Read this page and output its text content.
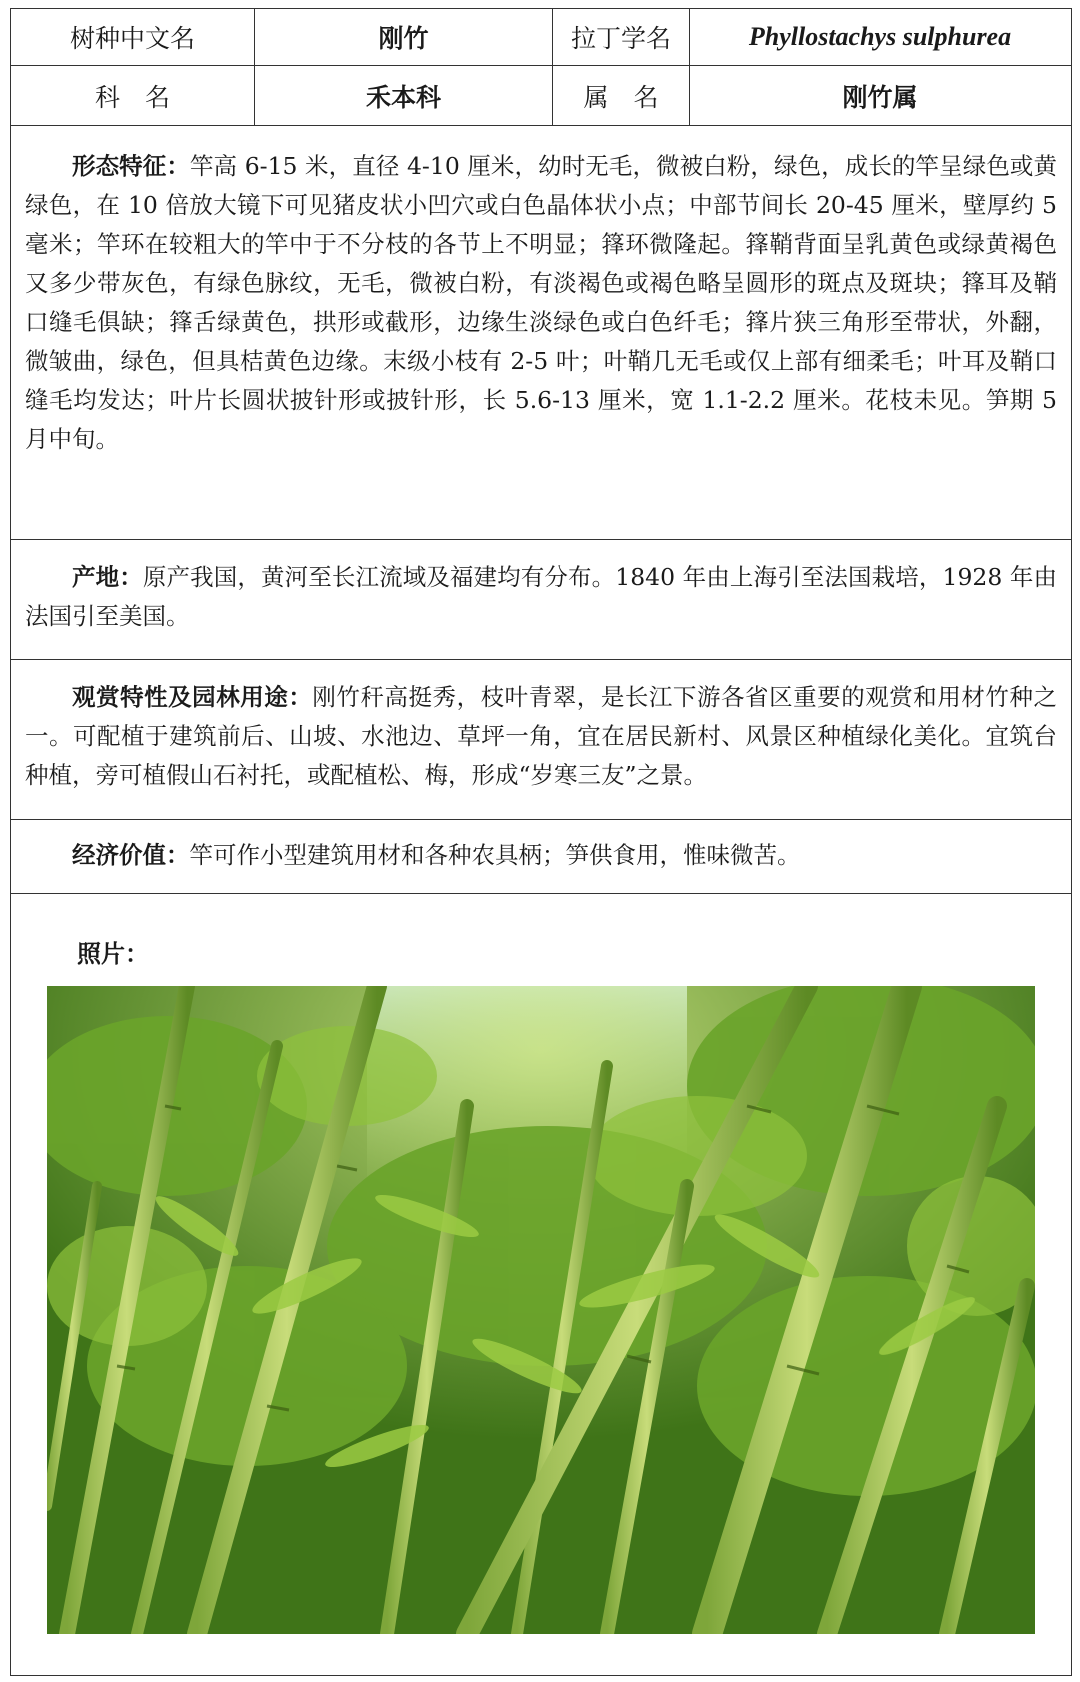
树种中文名	刚竹	拉丁学名	Phyllostachys sulphurea
科　名	禾本科	属　名	刚竹属
形态特征：竿高 6-15 米，直径 4-10 厘米，幼时无毛，微被白粉，绿色，成长的竿呈绿色或黄绿色，在 10 倍放大镜下可见猪皮状小凹穴或白色晶体状小点；中部节间长 20-45 厘米，壁厚约 5 毫米；竿环在较粗大的竿中于不分枝的各节上不明显；箨环微隆起。箨鞘背面呈乳黄色或绿黄褐色又多少带灰色，有绿色脉纹，无毛，微被白粉，有淡褐色或褐色略呈圆形的斑点及斑块；箨耳及鞘口缝毛俱缺；箨舌绿黄色，拱形或截形，边缘生淡绿色或白色纤毛；箨片狭三角形至带状，外翻，微皱曲，绿色，但具桔黄色边缘。末级小枝有 2-5 叶；叶鞘几无毛或仅上部有细柔毛；叶耳及鞘口缝毛均发达；叶片长圆状披针形或披针形，长 5.6-13 厘米，宽 1.1-2.2 厘米。花枝未见。笋期 5 月中旬。
产地：原产我国，黄河至长江流域及福建均有分布。1840 年由上海引至法国栽培，1928 年由法国引至美国。
观赏特性及园林用途：刚竹秆高挺秀，枝叶青翠，是长江下游各省区重要的观赏和用材竹种之一。可配植于建筑前后、山坡、水池边、草坪一角，宜在居民新村、风景区种植绿化美化。宜筑台种植，旁可植假山石衬托，或配植松、梅，形成“岁寒三友”之景。
经济价值：竿可作小型建筑用材和各种农具柄；笋供食用，惟味微苦。
照片：
